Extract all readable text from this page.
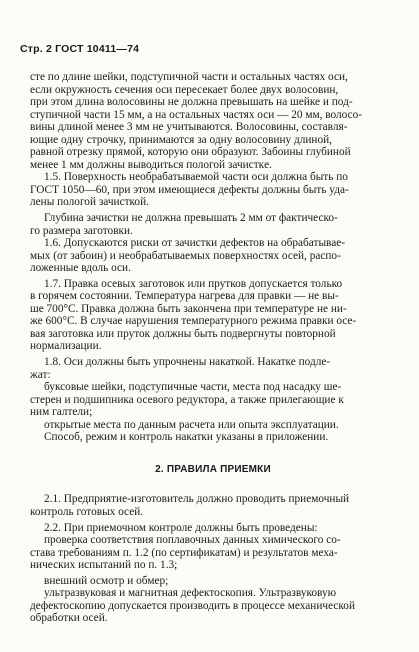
Стр. 2 ГОСТ 10411—74

сте по длине шейки, подступичной части и остальных частях оси,
если окружность сечения оси пересекает более двух волосовин,
при этом длина волосовины не должна превышать на шейке и под-
ступичной части 15 мм, а на остальных частях оси — 20 мм, волосо-
вины длиной менее 3 мм не учитываются. Волосовины, составля-
ющие одну строчку, принимаются за одну волосовину длиной,
равной отрезку прямой, которую они образуют. Забоины глубиной
менее 1 мм должны выводиться пологой зачисткe.

1.5. Поверхность необрабатываемой части оси должна быть по
ГОСТ 1050—60, при этом имеющиеся дефекты должны быть уда-
лены пологой зачисткой.

Глубина зачистки не должна превышать 2 мм от фактическо-
го размера заготовки.

1.6. Допускаются риски от зачистки дефектов на обрабатывае-
мых (от забоин) и необрабатываемых поверхностях осей, распо-
ложенные вдоль оси.

1.7. Правка осевых заготовок или прутков допускается только
в горячем состоянии. Температура нагрева для правки — не вы-
ше 700°С. Правка должна быть закончена при температуре не ни-
же 600°С. В случае нарушения температурного режима правки осе-
вая заготовка или пруток должны быть подвергнуты повторной
нормализации.

1.8. Оси должны быть упрочнены накаткой. Накатке подле-
жат:

буксовые шейки, подступичные части, места под насадку ше-
стерен и подшипника осевого редуктора, а также прилегающие к
ним галтели;

открытые места по данным расчета или опыта эксплуатации.

Способ, режим и контроль накатки указаны в приложении.

2. ПРАВИЛА ПРИЕМКИ

2.1. Предприятие-изготовитель должно проводить приемочный
контроль готовых осей.

2.2. При приемочном контроле должны быть проведены:

проверка соответствия поплавочных данных химического со-
става требованиям п. 1.2 (по сертификатам) и результатов меха-
нических испытаний по п. 1.3;

внешний осмотр и обмер;

ультразвуковая и магнитная дефектоскопия. Ультразвуковую
дефектоскопию допускается производить в процессе механической
обработки осей.
